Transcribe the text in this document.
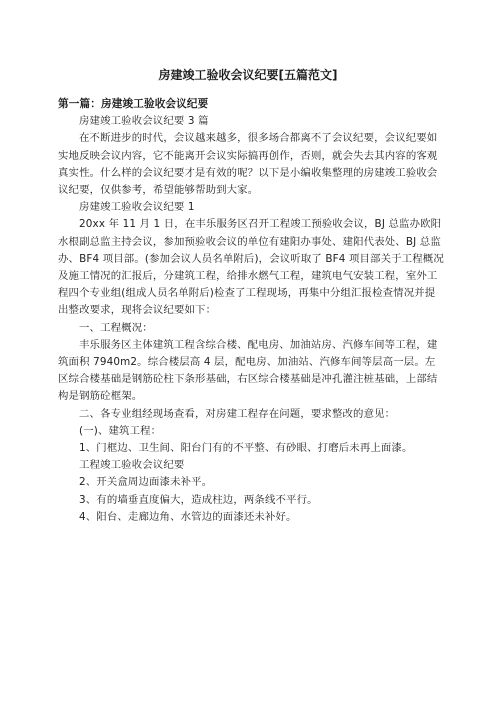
房建竣工验收会议纪要[五篇范文]

第一篇：房建竣工验收会议纪要

房建竣工验收会议纪要 3 篇

在不断进步的时代，会议越来越多，很多场合都离不了会议纪要，会议纪要如实地反映会议内容，它不能离开会议实际搞再创作，否则，就会失去其内容的客观真实性。什么样的会议纪要才是有效的呢？以下是小编收集整理的房建竣工验收会议纪要，仅供参考，希望能够帮助到大家。

房建竣工验收会议纪要 1

20xx 年 11 月 1 日，在丰乐服务区召开工程竣工预验收会议，BJ 总监办欧阳水根副总监主持会议，参加预验收会议的单位有建阳办事处、建阳代表处、BJ 总监办、BF4 项目部。(参加会议人员名单附后)，会议听取了 BF4 项目部关于工程概况及施工情况的汇报后，分建筑工程，给排水燃气工程，建筑电气安装工程，室外工程四个专业组(组成人员名单附后)检查了工程现场，再集中分组汇报检查情况并提出整改要求，现将会议纪要如下：

一、工程概况：

丰乐服务区主体建筑工程含综合楼、配电房、加油站房、汽修车间等工程，建筑面积 7940m2。综合楼层高 4 层，配电房、加油站、汽修车间等层高一层。左区综合楼基础是钢筋砼柱下条形基础，右区综合楼基础是冲孔灌注桩基础，上部结构是钢筋砼框架。

二、各专业组经现场查看，对房建工程存在问题，要求整改的意见：

(一)、建筑工程：

1、门框边、卫生间、阳台门有的不平整、有砂眼、打磨后未再上面漆。

工程竣工验收会议纪要

2、开关盒周边面漆未补平。

3、有的墙垂直度偏大，造成柱边，两条线不平行。

4、阳台、走廊边角、水管边的面漆还未补好。
